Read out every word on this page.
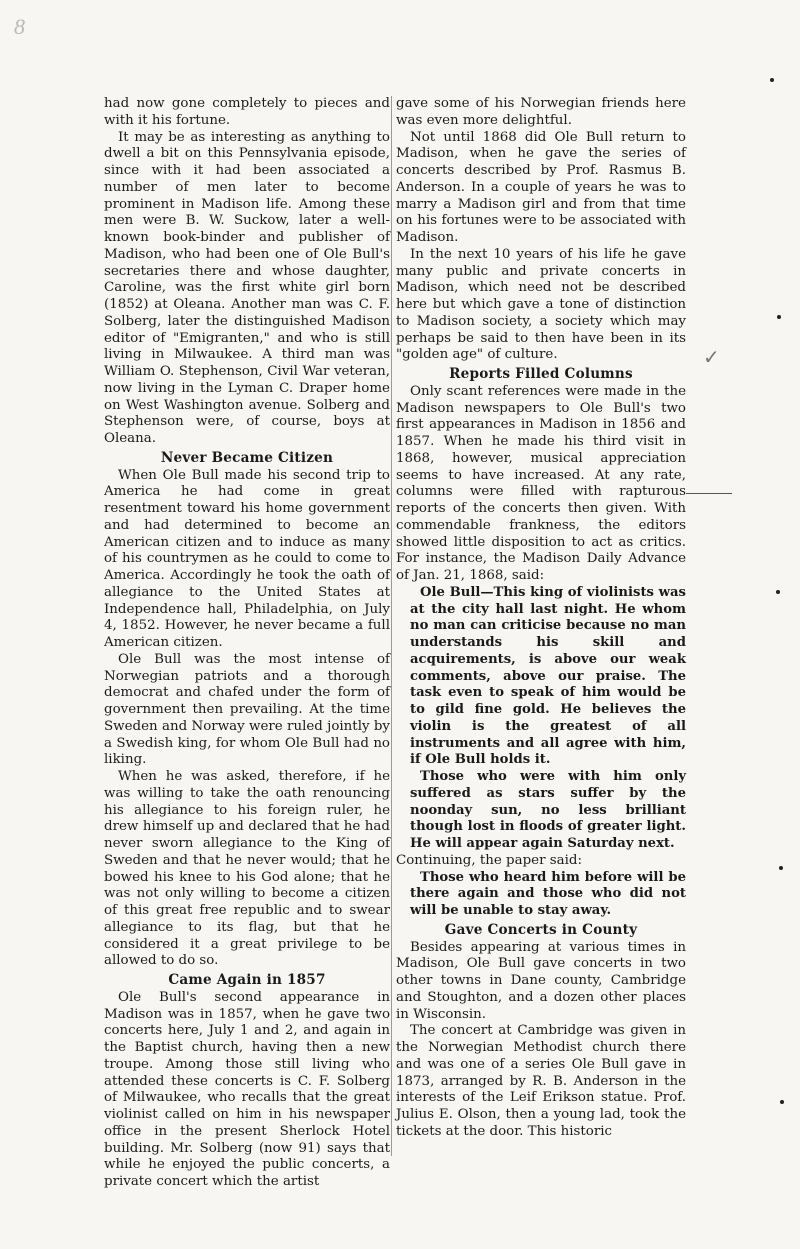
8

had now gone completely to pieces and with it his fortune.

It may be as interesting as anything to dwell a bit on this Pennsylvania episode, since with it had been associated a number of men later to become prominent in Madison life. Among these men were B. W. Suckow, later a well-known book-binder and publisher of Madison, who had been one of Ole Bull's secretaries there and whose daughter, Caroline, was the first white girl born (1852) at Oleana. Another man was C. F. Solberg, later the distinguished Madison editor of "Emigranten," and who is still living in Milwaukee. A third man was William O. Stephenson, Civil War veteran, now living in the Lyman C. Draper home on West Washington avenue. Solberg and Stephenson were, of course, boys at Oleana.

Never Became Citizen

When Ole Bull made his second trip to America he had come in great resentment toward his home government and had determined to become an American citizen and to induce as many of his countrymen as he could to come to America. Accordingly he took the oath of allegiance to the United States at Independence hall, Philadelphia, on July 4, 1852. However, he never became a full American citizen.

Ole Bull was the most intense of Norwegian patriots and a thorough democrat and chafed under the form of government then prevailing. At the time Sweden and Norway were ruled jointly by a Swedish king, for whom Ole Bull had no liking.

When he was asked, therefore, if he was willing to take the oath renouncing his allegiance to his foreign ruler, he drew himself up and declared that he had never sworn allegiance to the King of Sweden and that he never would; that he bowed his knee to his God alone; that he was not only willing to become a citizen of this great free republic and to swear allegiance to its flag, but that he considered it a great privilege to be allowed to do so.

Came Again in 1857

Ole Bull's second appearance in Madison was in 1857, when he gave two concerts here, July 1 and 2, and again in the Baptist church, having then a new troupe. Among those still living who attended these concerts is C. F. Solberg of Milwaukee, who recalls that the great violinist called on him in his newspaper office in the present Sherlock Hotel building. Mr. Solberg (now 91) says that while he enjoyed the public concerts, a private concert which the artist

gave some of his Norwegian friends here was even more delightful.

Not until 1868 did Ole Bull return to Madison, when he gave the series of concerts described by Prof. Rasmus B. Anderson. In a couple of years he was to marry a Madison girl and from that time on his fortunes were to be associated with Madison.

In the next 10 years of his life he gave many public and private concerts in Madison, which need not be described here but which gave a tone of distinction to Madison society, a society which may perhaps be said to then have been in its "golden age" of culture.

Reports Filled Columns

Only scant references were made in the Madison newspapers to Ole Bull's two first appearances in Madison in 1856 and 1857. When he made his third visit in 1868, however, musical appreciation seems to have increased. At any rate, columns were filled with rapturous reports of the concerts then given. With commendable frankness, the editors showed little disposition to act as critics. For instance, the Madison Daily Advance of Jan. 21, 1868, said:

Ole Bull—This king of violinists was at the city hall last night. He whom no man can criticise because no man understands his skill and acquirements, is above our weak comments, above our praise. The task even to speak of him would be to gild fine gold. He believes the violin is the greatest of all instruments and all agree with him, if Ole Bull holds it.

Those who were with him only suffered as stars suffer by the noonday sun, no less brilliant though lost in floods of greater light. He will appear again Saturday next.

Continuing, the paper said:

Those who heard him before will be there again and those who did not will be unable to stay away.

Gave Concerts in County

Besides appearing at various times in Madison, Ole Bull gave concerts in two other towns in Dane county, Cambridge and Stoughton, and a dozen other places in Wisconsin.

The concert at Cambridge was given in the Norwegian Methodist church there and was one of a series Ole Bull gave in 1873, arranged by R. B. Anderson in the interests of the Leif Erikson statue. Prof. Julius E. Olson, then a young lad, took the tickets at the door. This historic

✓
